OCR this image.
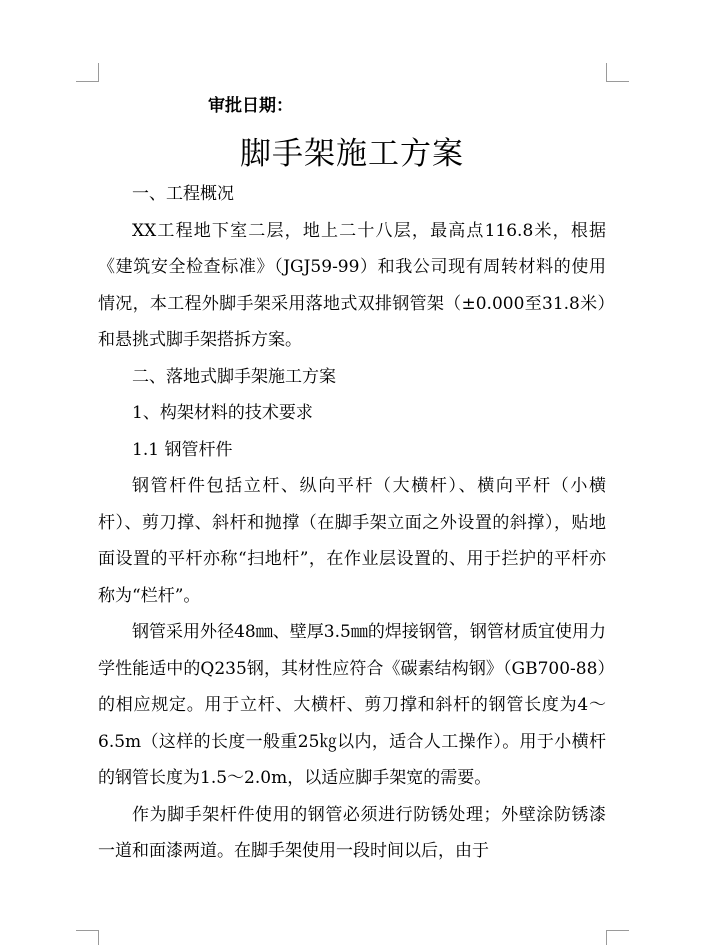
审批日期：
脚手架施工方案

一、工程概况

XX工程地下室二层，地上二十八层，最高点116.8米，根据《建筑安全检查标准》（JGJ59-99）和我公司现有周转材料的使用情况，本工程外脚手架采用落地式双排钢管架（±0.000至31.8米）和悬挑式脚手架搭拆方案。

二、落地式脚手架施工方案

1、构架材料的技术要求

1.1 钢管杆件

钢管杆件包括立杆、纵向平杆（大横杆）、横向平杆（小横杆）、剪刀撑、斜杆和抛撑（在脚手架立面之外设置的斜撑），贴地面设置的平杆亦称“扫地杆”，在作业层设置的、用于拦护的平杆亦称为“栏杆”。

钢管采用外径48㎜、壁厚3.5㎜的焊接钢管，钢管材质宜使用力学性能适中的Q235钢，其材性应符合《碳素结构钢》（GB700-88）的相应规定。用于立杆、大横杆、剪刀撑和斜杆的钢管长度为4～6.5m（这样的长度一般重25㎏以内，适合人工操作）。用于小横杆的钢管长度为1.5～2.0m，以适应脚手架宽的需要。

作为脚手架杆件使用的钢管必须进行防锈处理；外壁涂防锈漆一道和面漆两道。在脚手架使用一段时间以后，由于
